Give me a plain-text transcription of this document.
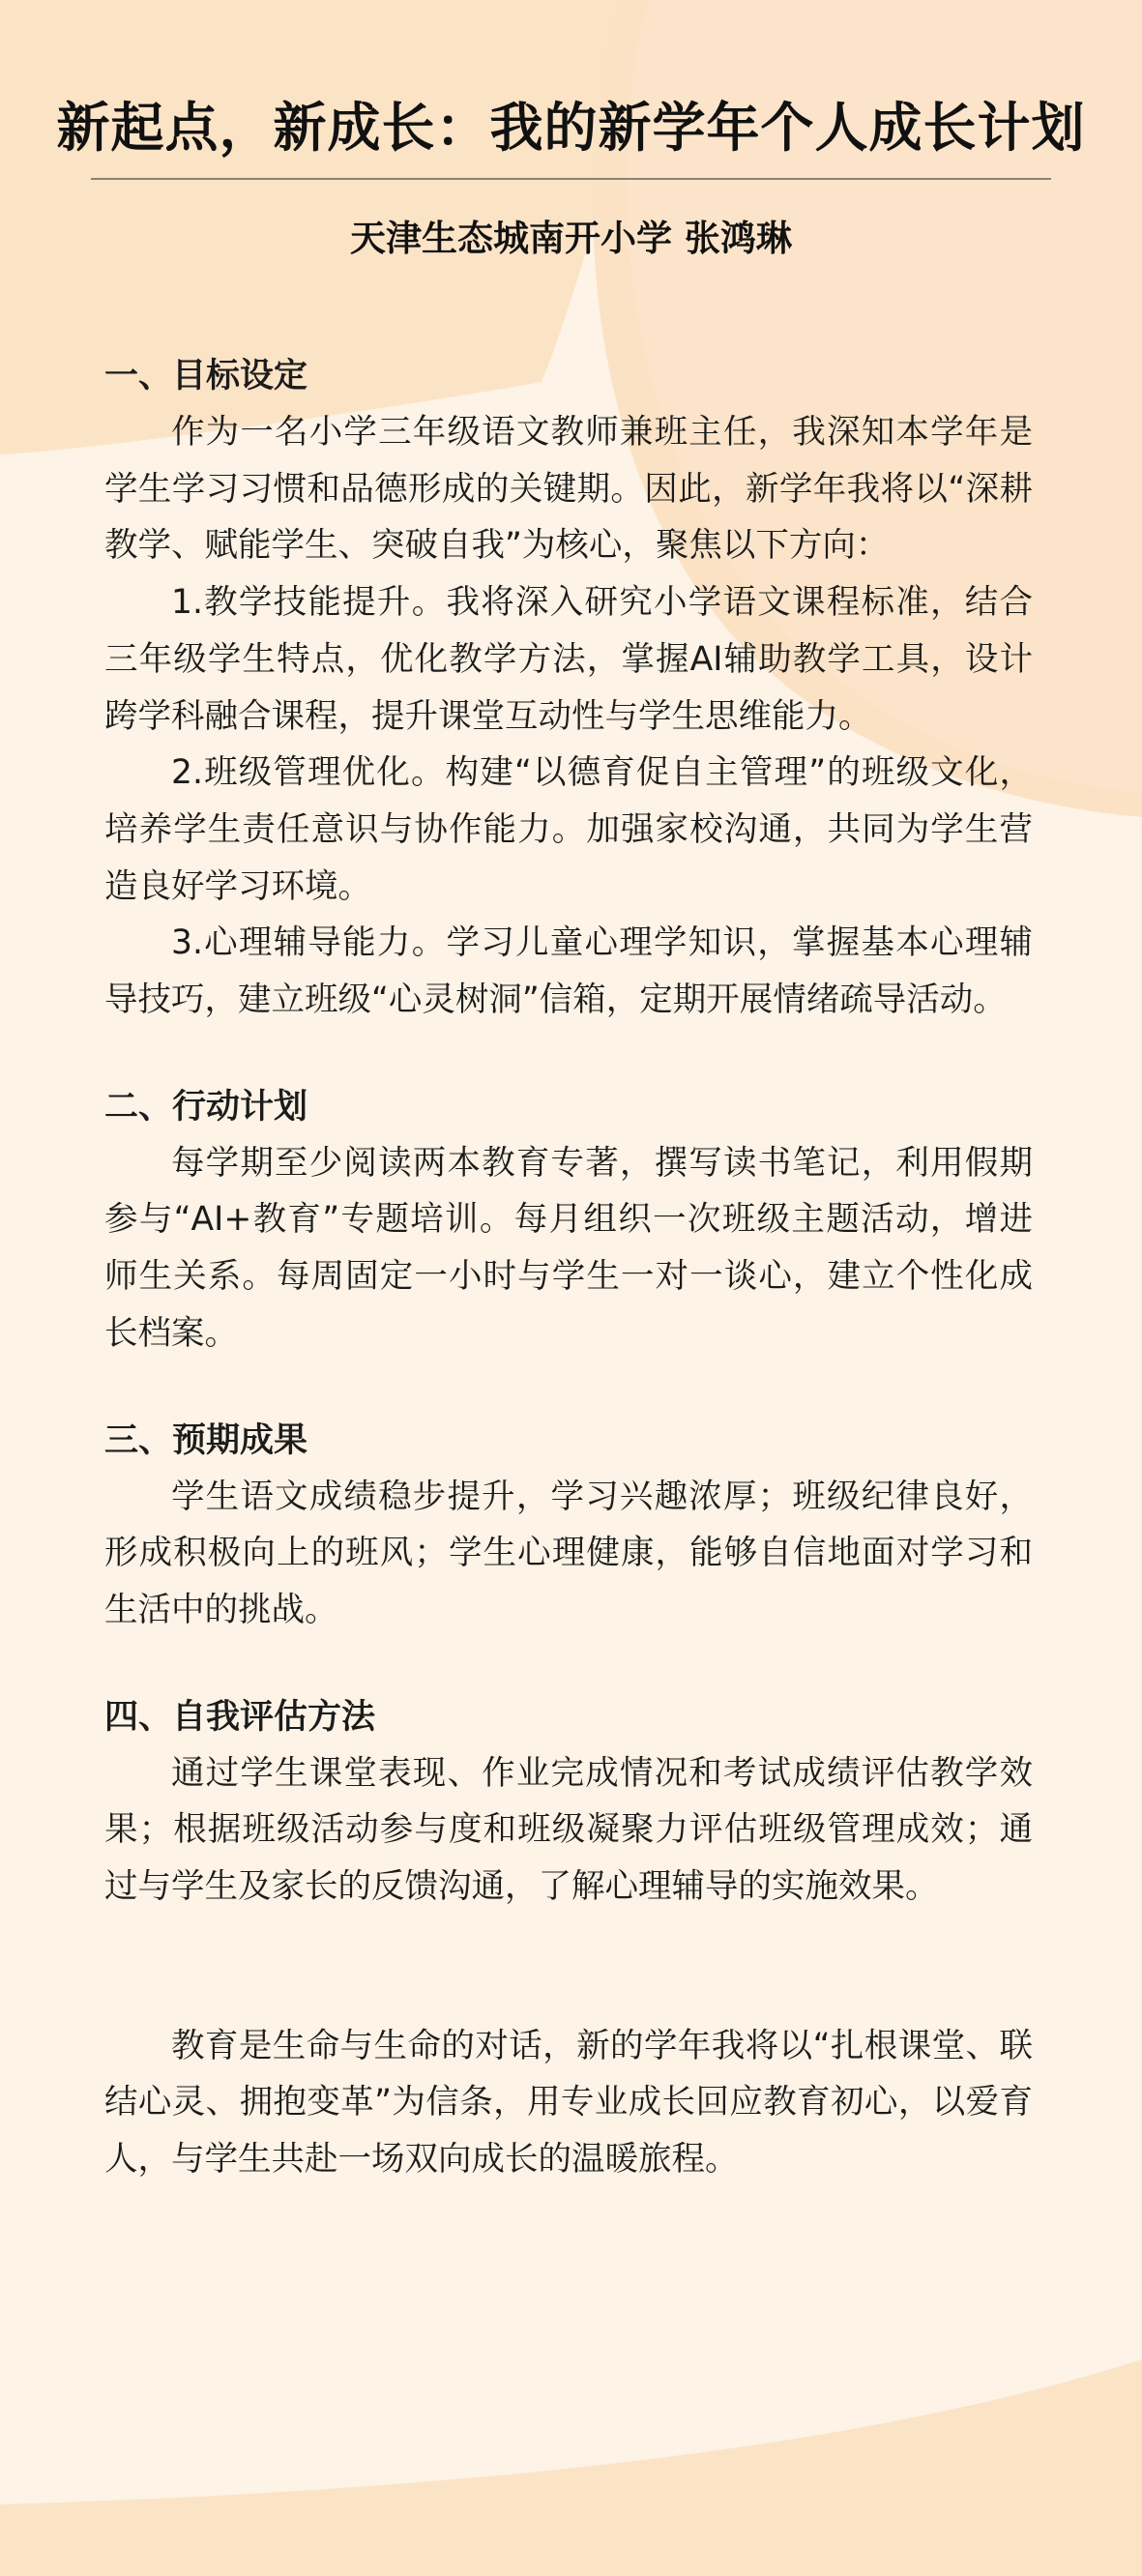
新起点，新成长：我的新学年个人成长计划
天津生态城南开小学 张鸿琳

一、目标设定

作为一名小学三年级语文教师兼班主任，我深知本学年是学生学习习惯和品德形成的关键期。因此，新学年我将以“深耕教学、赋能学生、突破自我”为核心，聚焦以下方向：

1.教学技能提升。我将深入研究小学语文课程标准，结合三年级学生特点，优化教学方法，掌握AI辅助教学工具，设计跨学科融合课程，提升课堂互动性与学生思维能力。

2.班级管理优化。构建“以德育促自主管理”的班级文化，培养学生责任意识与协作能力。加强家校沟通，共同为学生营造良好学习环境。

3.心理辅导能力。学习儿童心理学知识，掌握基本心理辅导技巧，建立班级“心灵树洞”信箱，定期开展情绪疏导活动。

二、行动计划

每学期至少阅读两本教育专著，撰写读书笔记，利用假期参与“AI+教育”专题培训。每月组织一次班级主题活动，增进师生关系。每周固定一小时与学生一对一谈心，建立个性化成长档案。

三、预期成果

学生语文成绩稳步提升，学习兴趣浓厚；班级纪律良好，形成积极向上的班风；学生心理健康，能够自信地面对学习和生活中的挑战。

四、自我评估方法

通过学生课堂表现、作业完成情况和考试成绩评估教学效果；根据班级活动参与度和班级凝聚力评估班级管理成效；通过与学生及家长的反馈沟通，了解心理辅导的实施效果。

教育是生命与生命的对话，新的学年我将以“扎根课堂、联结心灵、拥抱变革”为信条，用专业成长回应教育初心，以爱育人，与学生共赴一场双向成长的温暖旅程。
